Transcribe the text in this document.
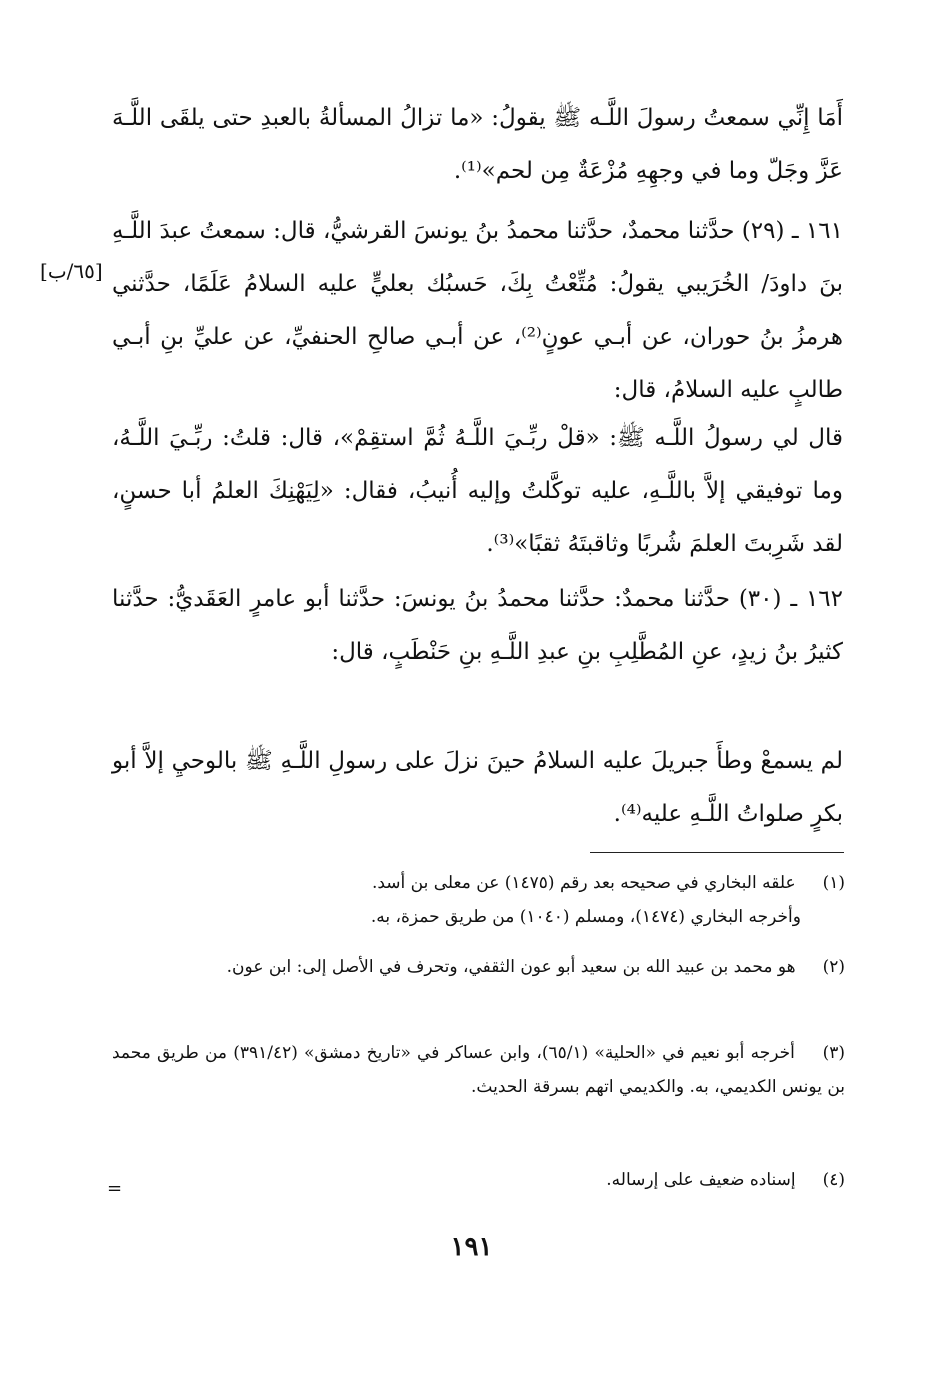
أَمَا إِنِّي سمعتُ رسولَ اللَّـه ﷺ يقولُ: «ما تزالُ المسألةُ بالعبدِ حتى يلقَى اللَّـهَ عَزَّ وجَلّ وما في وجهِهِ مُزْعَةٌ مِن لحم»⁽¹⁾.

١٦١ ـ (٢٩) حدَّثنا محمدٌ، حدَّثنا محمدُ بنُ يونسَ القرشيُّ، قال: سمعتُ عبدَ اللَّـهِ بنَ داودَ/ الخُرَيبي يقولُ: مُتِّعْتُ بِكَ، حَسبُك بعليٍّ عليه السلامُ عَلَمًا، حدَّثني هرمزُ بنُ حوران، عن أبـي عونٍ⁽²⁾، عن أبـي صالحِ الحنفيِّ، عن عليِّ بنِ أبـي طالبٍ عليه السلامُ، قال:

[٦٥/ب]

قال لي رسولُ اللَّـه ﷺ: «قلْ ربِّـيَ اللَّـهُ ثُمَّ استقِمْ»، قال: قلتُ: ربِّـيَ اللَّـهُ، وما توفيقي إلاَّ باللَّـهِ، عليه توكَّلتُ وإليه أُنيبُ، فقال: «لِيَهْنِكَ العلمُ أبا حسنٍ، لقد شَرِبتَ العلمَ شُربًا وثاقبتَهُ ثقبًا»⁽³⁾.

١٦٢ ـ (٣٠) حدَّثنا محمدٌ: حدَّثنا محمدُ بنُ يونسَ: حدَّثنا أبو عامرٍ العَقَديُّ: حدَّثنا كثيرُ بنُ زيدٍ، عنِ المُطَّلِبِ بنِ عبدِ اللَّـهِ بنِ حَنْطَبٍ، قال:

لم يسمعْ وطأَ جبريلَ عليه السلامُ حينَ نزلَ على رسولِ اللَّـهِ ﷺ بالوحيِ إلاَّ أبو بكرٍ صلواتُ اللَّـهِ عليه⁽⁴⁾.

(١) علقه البخاري في صحيحه بعد رقم (١٤٧٥) عن معلى بن أسد.
وأخرجه البخاري (١٤٧٤)، ومسلم (١٠٤٠) من طريق حمزة، به.
(٢) هو محمد بن عبيد الله بن سعيد أبو عون الثقفي، وتحرف في الأصل إلى: ابن عون.
(٣) أخرجه أبو نعيم في «الحلية» (٦٥/١)، وابن عساكر في «تاريخ دمشق» (٣٩١/٤٢) من طريق محمد بن يونس الكديمي، به. والكديمي اتهم بسرقة الحديث.
(٤) إسناده ضعيف على إرساله.
=
١٩١
